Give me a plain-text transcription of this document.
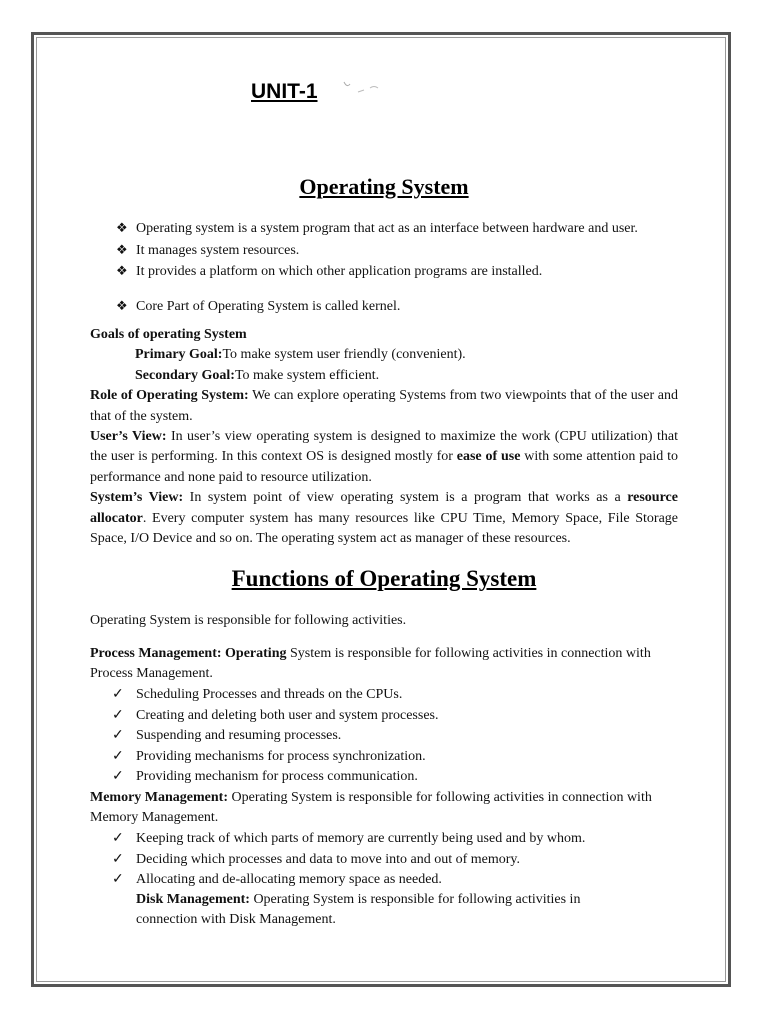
UNIT-1
Operating System
❖ Operating system is a system program that act as an interface between hardware and user.
❖ It manages system resources.
❖ It provides a platform on which other application programs are installed.
❖ Core Part of Operating System is called kernel.
Goals of operating System
Primary Goal:To make system user friendly (convenient).
Secondary Goal:To make system efficient.
Role of Operating System: We can explore operating Systems from two viewpoints that of the user and that of the system.
User’s View: In user’s view operating system is designed to maximize the work (CPU utilization) that the user is performing. In this context OS is designed mostly for ease of use with some attention paid to performance and none paid to resource utilization.
System’s View: In system point of view operating system is a program that works as a resource allocator. Every computer system has many resources like CPU Time, Memory Space, File Storage Space, I/O Device and so on. The operating system act as manager of these resources.
Functions of Operating System
Operating System is responsible for following activities.
Process Management: Operating System is responsible for following activities in connection with Process Management.
✓ Scheduling Processes and threads on the CPUs.
✓ Creating and deleting both user and system processes.
✓ Suspending and resuming processes.
✓ Providing mechanisms for process synchronization.
✓ Providing mechanism for process communication.
Memory Management: Operating System is responsible for following activities in connection with Memory Management.
✓ Keeping track of which parts of memory are currently being used and by whom.
✓ Deciding which processes and data to move into and out of memory.
✓ Allocating and de-allocating memory space as needed.
Disk Management: Operating System is responsible for following activities in connection with Disk Management.
